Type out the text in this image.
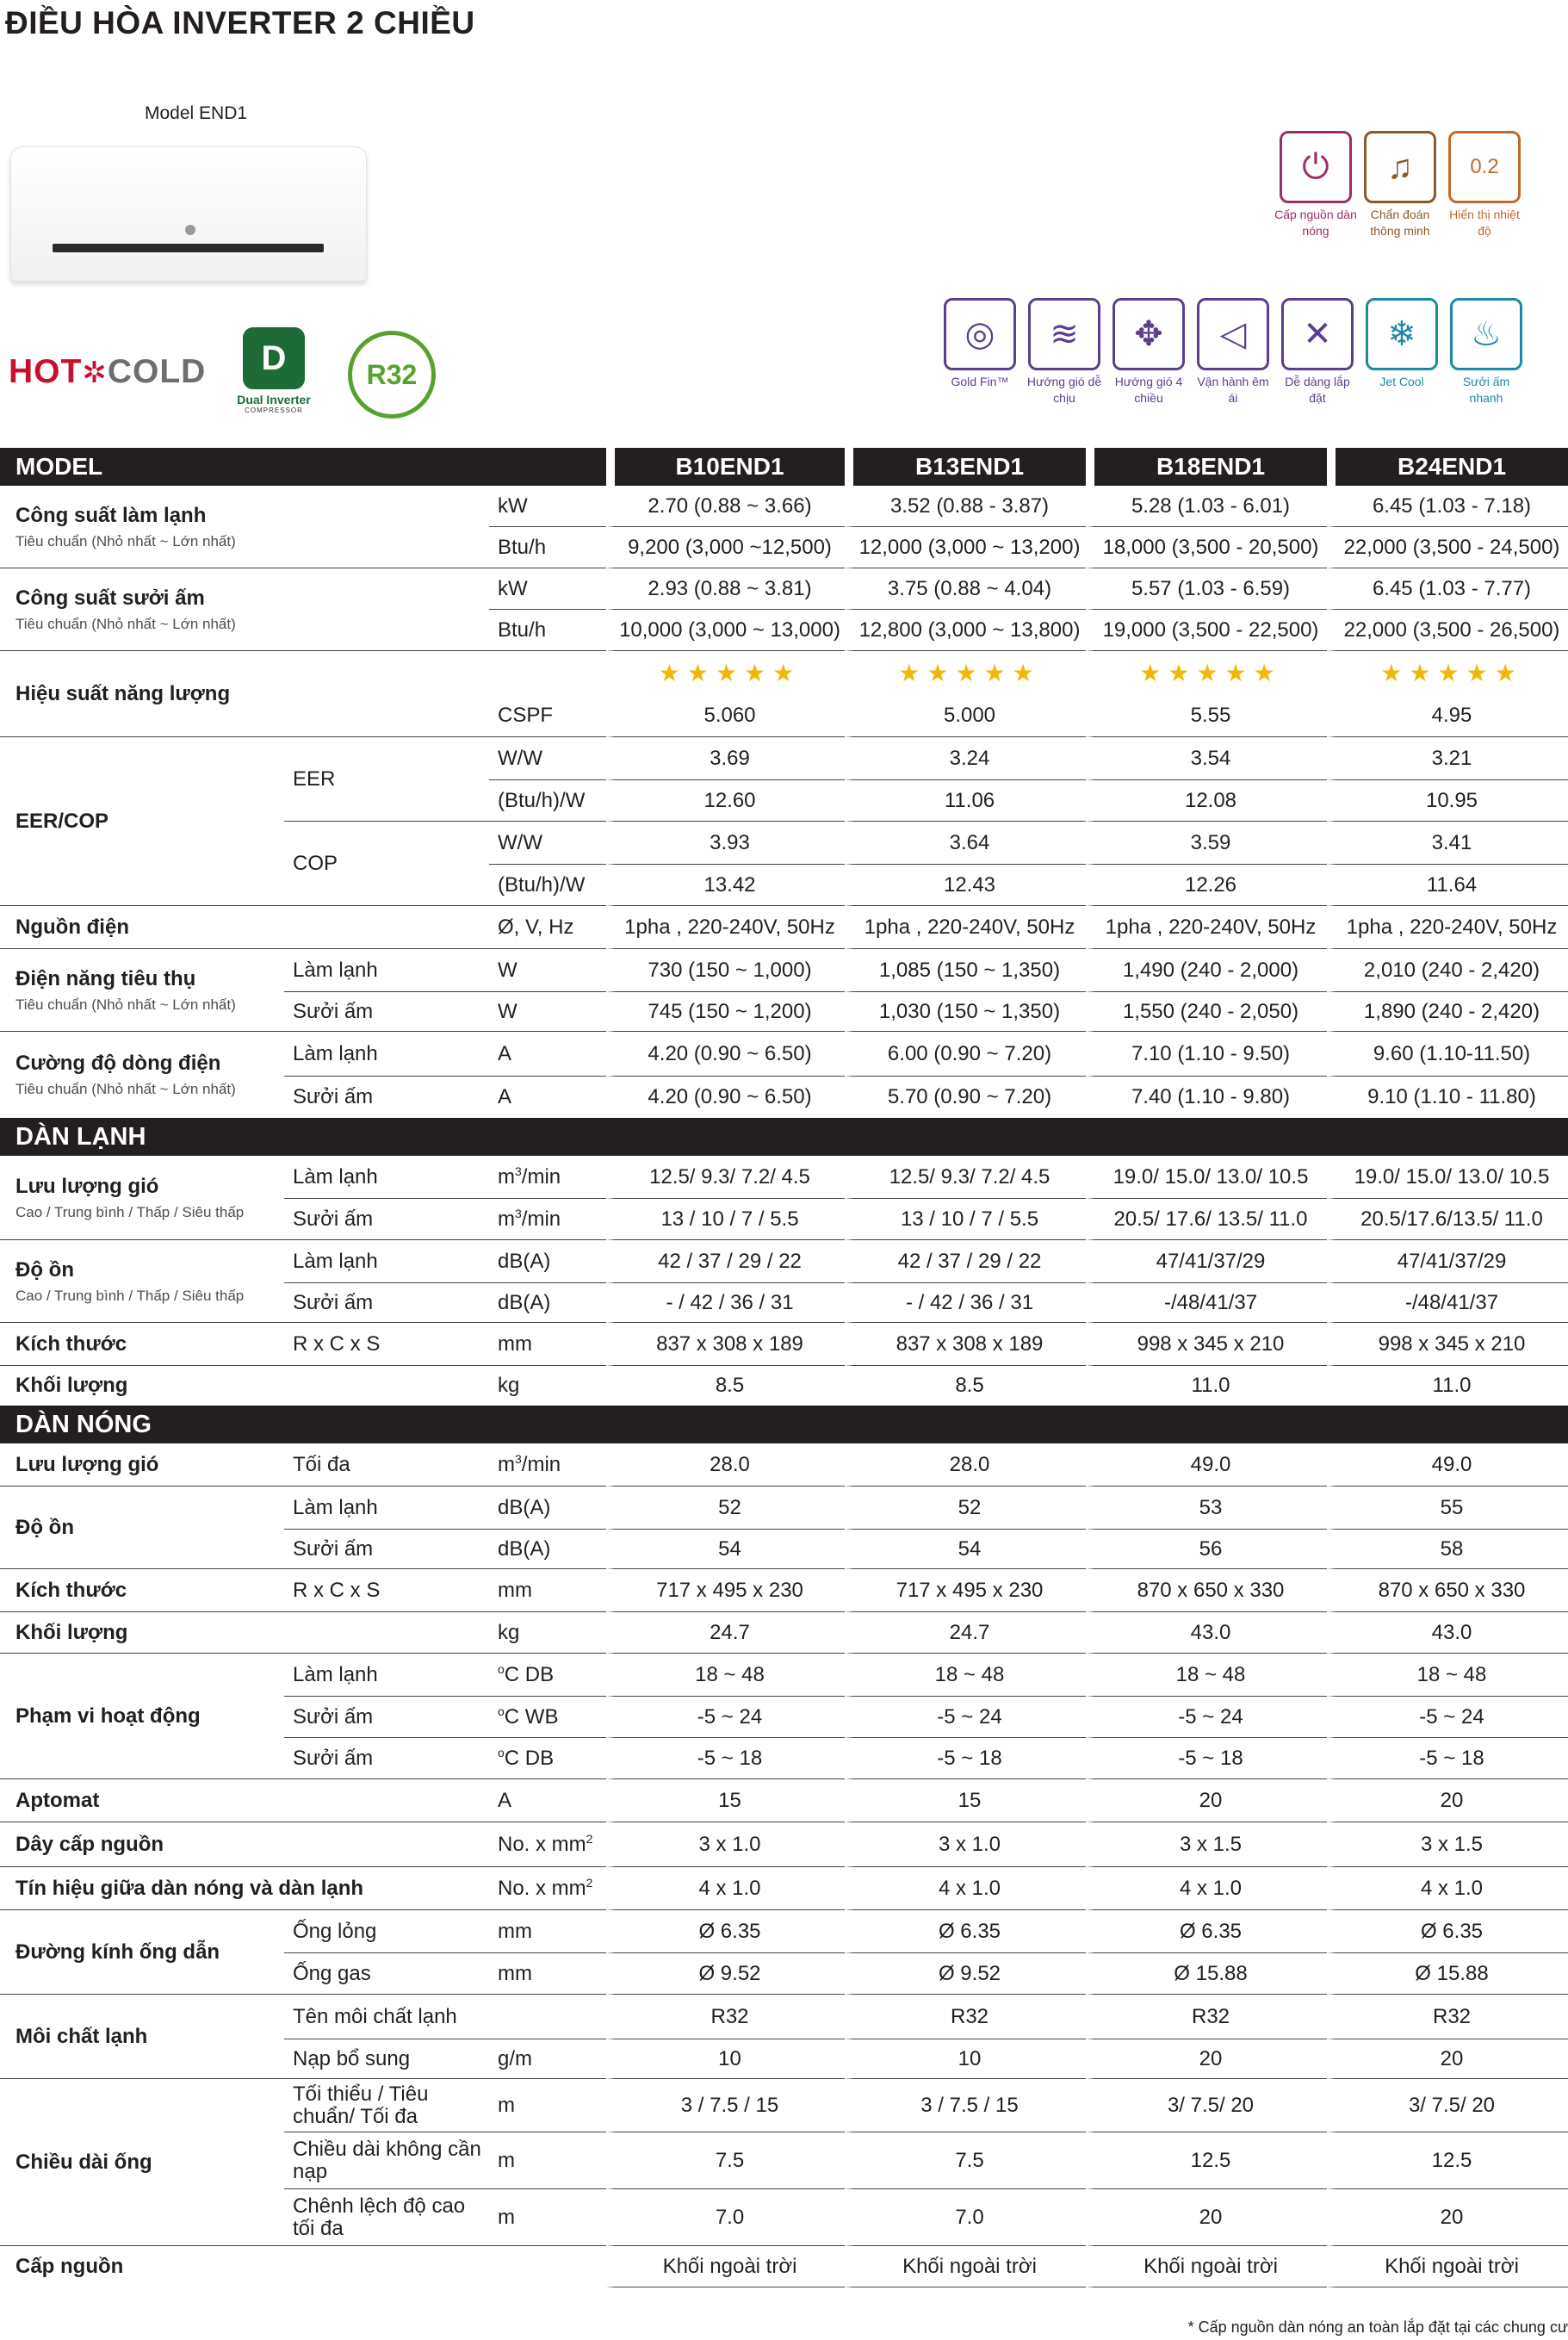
ĐIỀU HÒA INVERTER 2 CHIỀU
Model END1
HOT✲COLD	D
Dual Inverter
COMPRESSOR
R32
⏻
Cấp nguồn dàn nóng
♫
Chẩn đoán thông minh
0.2
Hiển thị nhiệt độ
◎
Gold Fin™
≋
Hướng gió dễ chịu
✥
Hướng gió 4 chiều
◁
Vận hành êm ái
✕
Dễ dàng lắp đặt
❄
Jet Cool
♨
Sưởi ấm nhanh
MODEL			B10END1	B13END1	B18END1	B24END1

Công suất làm lạnh
Tiêu chuẩn (Nhỏ nhất ~ Lớn nhất)		kW	2.70 (0.88 ~ 3.66)	3.52 (0.88 - 3.87)	5.28 (1.03 - 6.01)	6.45 (1.03 - 7.18)
		Btu/h	9,200 (3,000 ~12,500)	12,000 (3,000 ~ 13,200)	18,000 (3,500 - 20,500)	22,000 (3,500 - 24,500)

Công suất sưởi ấm
Tiêu chuẩn (Nhỏ nhất ~ Lớn nhất)		kW	2.93 (0.88 ~ 3.81)	3.75 (0.88 ~ 4.04)	5.57 (1.03 - 6.59)	6.45 (1.03 - 7.77)
		Btu/h	10,000 (3,000 ~ 13,000)	12,800 (3,000 ~ 13,800)	19,000 (3,500 - 22,500)	22,000 (3,500 - 26,500)

Hiệu suất năng lượng			★★★★★	★★★★★	★★★★★	★★★★★
		CSPF	5.060	5.000	5.55	4.95

EER/COP	EER	W/W	3.69	3.24	3.54	3.21
		(Btu/h)/W	12.60	11.06	12.08	10.95
	COP	W/W	3.93	3.64	3.59	3.41
		(Btu/h)/W	13.42	12.43	12.26	11.64

Nguồn điện		Ø, V, Hz	1pha , 220-240V, 50Hz	1pha , 220-240V, 50Hz	1pha , 220-240V, 50Hz	1pha , 220-240V, 50Hz

Điện năng tiêu thụ
Tiêu chuẩn (Nhỏ nhất ~ Lớn nhất)	Làm lạnh	W	730 (150 ~ 1,000)	1,085 (150 ~ 1,350)	1,490 (240 - 2,000)	2,010 (240 - 2,420)
	Sưởi ấm	W	745 (150 ~ 1,200)	1,030 (150 ~ 1,350)	1,550 (240 - 2,050)	1,890 (240 - 2,420)

Cường độ dòng điện
Tiêu chuẩn (Nhỏ nhất ~ Lớn nhất)	Làm lạnh	A	4.20 (0.90 ~ 6.50)	6.00 (0.90 ~ 7.20)	7.10 (1.10 - 9.50)	9.60 (1.10-11.50)
	Sưởi ấm	A	4.20 (0.90 ~ 6.50)	5.70 (0.90 ~ 7.20)	7.40 (1.10 - 9.80)	9.10 (1.10 - 11.80)
DÀN LẠNH						

Lưu lượng gió
Cao / Trung bình / Thấp / Siêu thấp	Làm lạnh	$m^3/\min$	12.5/ 9.3/ 7.2/ 4.5	12.5/ 9.3/ 7.2/ 4.5	19.0/ 15.0/ 13.0/ 10.5	19.0/ 15.0/ 13.0/ 10.5
	Sưởi ấm	$m^3/\min$	13 / 10 / 7 / 5.5	13 / 10 / 7 / 5.5	20.5/ 17.6/ 13.5/ 11.0	20.5/17.6/13.5/ 11.0

Độ ồn
Cao / Trung bình / Thấp / Siêu thấp	Làm lạnh	dB(A)	42 / 37 / 29 / 22	42 / 37 / 29 / 22	47/41/37/29	47/41/37/29
	Sưởi ấm	dB(A)	- / 42 / 36 / 31	- / 42 / 36 / 31	-/48/41/37	-/48/41/37

Kích thước	R x C x S	mm	837 x 308 x 189	837 x 308 x 189	998 x 345 x 210	998 x 345 x 210

Khối lượng		kg	8.5	8.5	11.0	11.0
DÀN NÓNG						

Lưu lượng gió	Tối đa	$m^3/\min$	28.0	28.0	49.0	49.0

Độ ồn	Làm lạnh	dB(A)	52	52	53	55
	Sưởi ấm	dB(A)	54	54	56	58

Kích thước	R x C x S	mm	717 x 495 x 230	717 x 495 x 230	870 x 650 x 330	870 x 650 x 330

Khối lượng		kg	24.7	24.7	43.0	43.0

Phạm vi hoạt động	Làm lạnh	$^o$C DB	18 ~ 48	18 ~ 48	18 ~ 48	18 ~ 48
	Sưởi ấm	$^o$C WB	-5 ~ 24	-5 ~ 24	-5 ~ 24	-5 ~ 24
	Sưởi ấm	$^o$C DB	-5 ~ 18	-5 ~ 18	-5 ~ 18	-5 ~ 18

Aptomat		A	15	15	20	20

Dây cấp nguồn		No. x $mm^2$	3 x 1.0	3 x 1.0	3 x 1.5	3 x 1.5

Tín hiệu giữa dàn nóng và dàn lạnh		No. x $mm^2$	4 x 1.0	4 x 1.0	4 x 1.0	4 x 1.0

Đường kính ống dẫn	Ống lỏng	mm	Ø 6.35	Ø 6.35	Ø 6.35	Ø 6.35
	Ống gas	mm	Ø 9.52	Ø 9.52	Ø 15.88	Ø 15.88

Môi chất lạnh	Tên môi chất lạnh		R32	R32	R32	R32
	Nạp bổ sung	g/m	10	10	20	20

Chiều dài ống	Tối thiểu / Tiêu chuẩn/ Tối đa	m	3 / 7.5 / 15	3 / 7.5 / 15	3/ 7.5/ 20	3/ 7.5/ 20
	Chiều dài không cần nạp	m	7.5	7.5	12.5	12.5
	Chênh lệch độ cao tối đa	m	7.0	7.0	20	20

Cấp nguồn			Khối ngoài trời	Khối ngoài trời	Khối ngoài trời	Khối ngoài trời
* Cấp nguồn dàn nóng an toàn lắp đặt tại các chung cư
